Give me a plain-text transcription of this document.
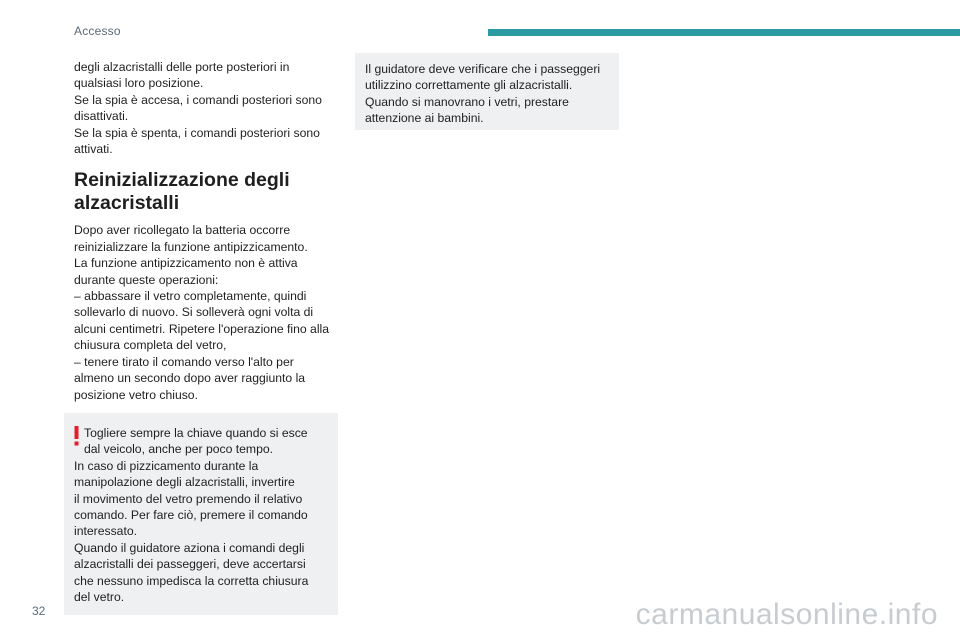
Accesso
degli alzacristalli delle porte posteriori in
qualsiasi loro posizione.
Se la spia è accesa, i comandi posteriori sono
disattivati.
Se la spia è spenta, i comandi posteriori sono
attivati.
Reinizializzazione degli
alzacristalli
Dopo aver ricollegato la batteria occorre
reinizializzare la funzione antipizzicamento.
La funzione antipizzicamento non è attiva
durante queste operazioni:
– abbassare il vetro completamente, quindi
sollevarlo di nuovo. Si solleverà ogni volta di
alcuni centimetri. Ripetere l'operazione fino alla
chiusura completa del vetro,
– tenere tirato il comando verso l'alto per
almeno un secondo dopo aver raggiunto la
posizione vetro chiuso.
Togliere sempre la chiave quando si esce
dal veicolo, anche per poco tempo.
In caso di pizzicamento durante la
manipolazione degli alzacristalli, invertire
il movimento del vetro premendo il relativo
comando. Per fare ciò, premere il comando
interessato.
Quando il guidatore aziona i comandi degli
alzacristalli dei passeggeri, deve accertarsi
che nessuno impedisca la corretta chiusura
del vetro.
Il guidatore deve verificare che i passeggeri
utilizzino correttamente gli alzacristalli.
Quando si manovrano i vetri, prestare
attenzione ai bambini.
32	carmanualsonline.info
